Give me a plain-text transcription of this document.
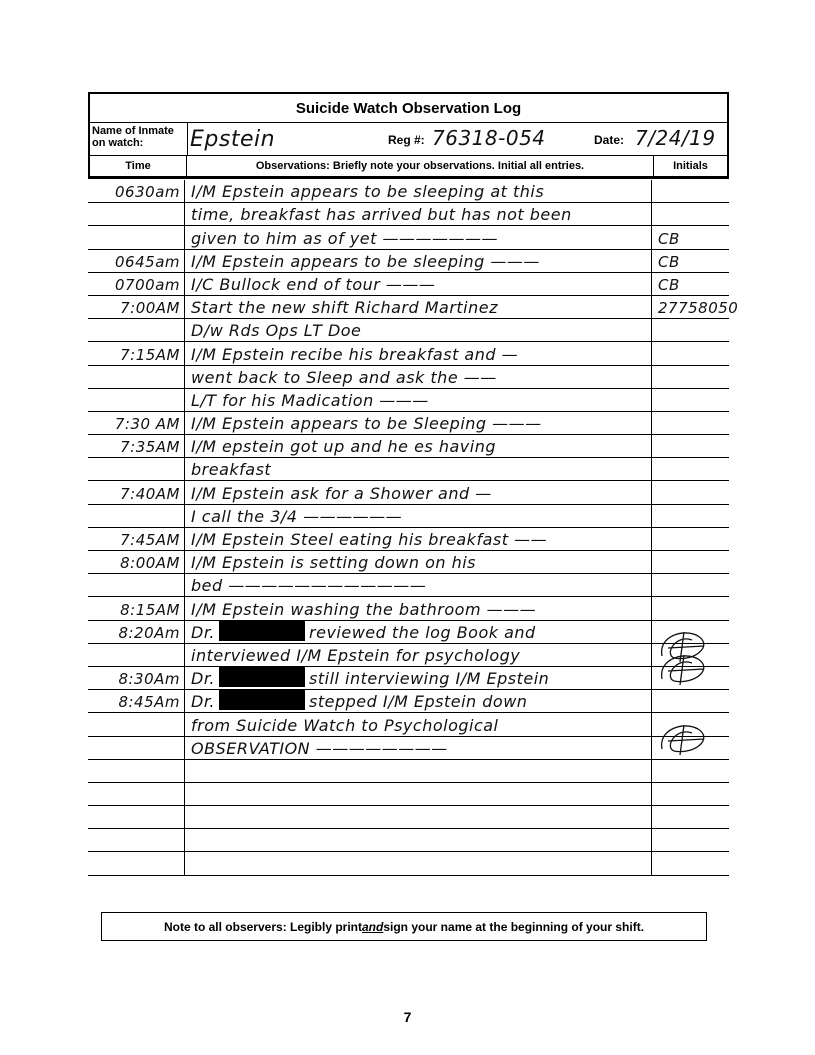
Suicide Watch Observation Log
Name of Inmate on watch:	Epstein	Reg #: 76318-054	Date: 7/24/19
Time	Observations: Briefly note your observations. Initial all entries.	Initials
0630am I/M Epstein appears to be sleeping at this
time, breakfast has arrived but has not been
given to him as of yet ———————	CB
0645am I/M Epstein appears to be sleeping ———	CB
0700am I/C Bullock end of tour ———	CB
7:00AM Start the new shift Richard Martinez	27758050
D/w Rds Ops LT Doe
7:15AM I/M Epstein recibe his breakfast and —
went back to Sleep and ask the ——
L/T for his Madication ———
7:30 AM I/M Epstein appears to be Sleeping ———
7:35AM I/M epstein got up and he es having
breakfast
7:40AM I/M Epstein ask for a Shower and —
I call the 3/4 ——————
7:45AM I/M Epstein Steel eating his breakfast ——
8:00AM I/M Epstein is setting down on his
bed ————————————
8:15AM I/M Epstein washing the bathroom ———
8:20Am Dr.	reviewed the log Book and
interviewed I/M Epstein for psychology
8:30Am Dr.	still interviewing I/M Epstein
8:45Am Dr.	stepped I/M Epstein down
from Suicide Watch to Psychological
OBSERVATION ————————
Note to all observers: Legibly print and sign your name at the beginning of your shift.
7
